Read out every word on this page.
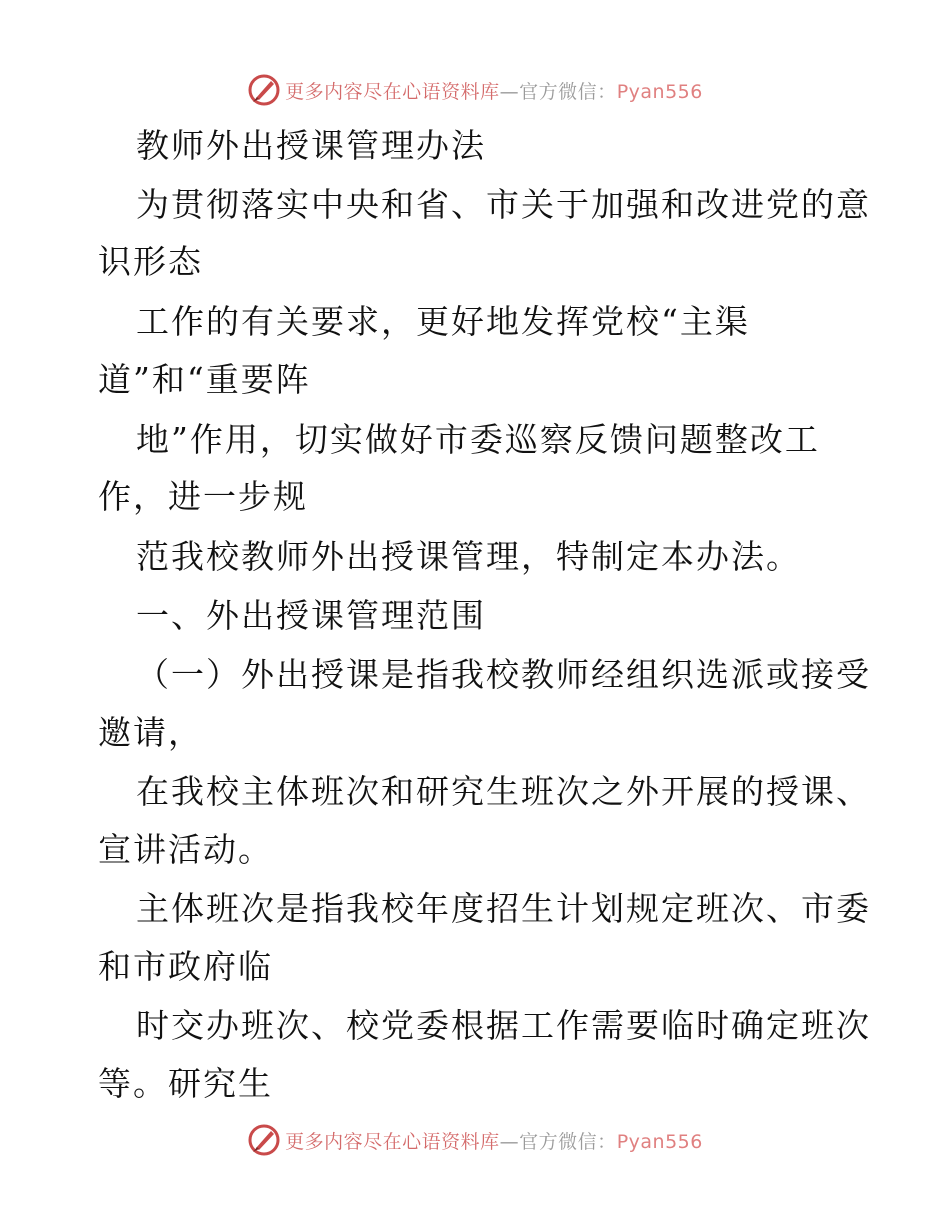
更多内容尽在心语资料库—官方微信：Pyan556
教师外出授课管理办法
为贯彻落实中央和省、市关于加强和改进党的意
识形态
工作的有关要求，更好地发挥党校“主渠
道”和“重要阵
地”作用，切实做好市委巡察反馈问题整改工
作，进一步规
范我校教师外出授课管理，特制定本办法。
一、外出授课管理范围
（一）外出授课是指我校教师经组织选派或接受
邀请，
在我校主体班次和研究生班次之外开展的授课、
宣讲活动。
主体班次是指我校年度招生计划规定班次、市委
和市政府临
时交办班次、校党委根据工作需要临时确定班次
等。研究生
更多内容尽在心语资料库—官方微信：Pyan556
